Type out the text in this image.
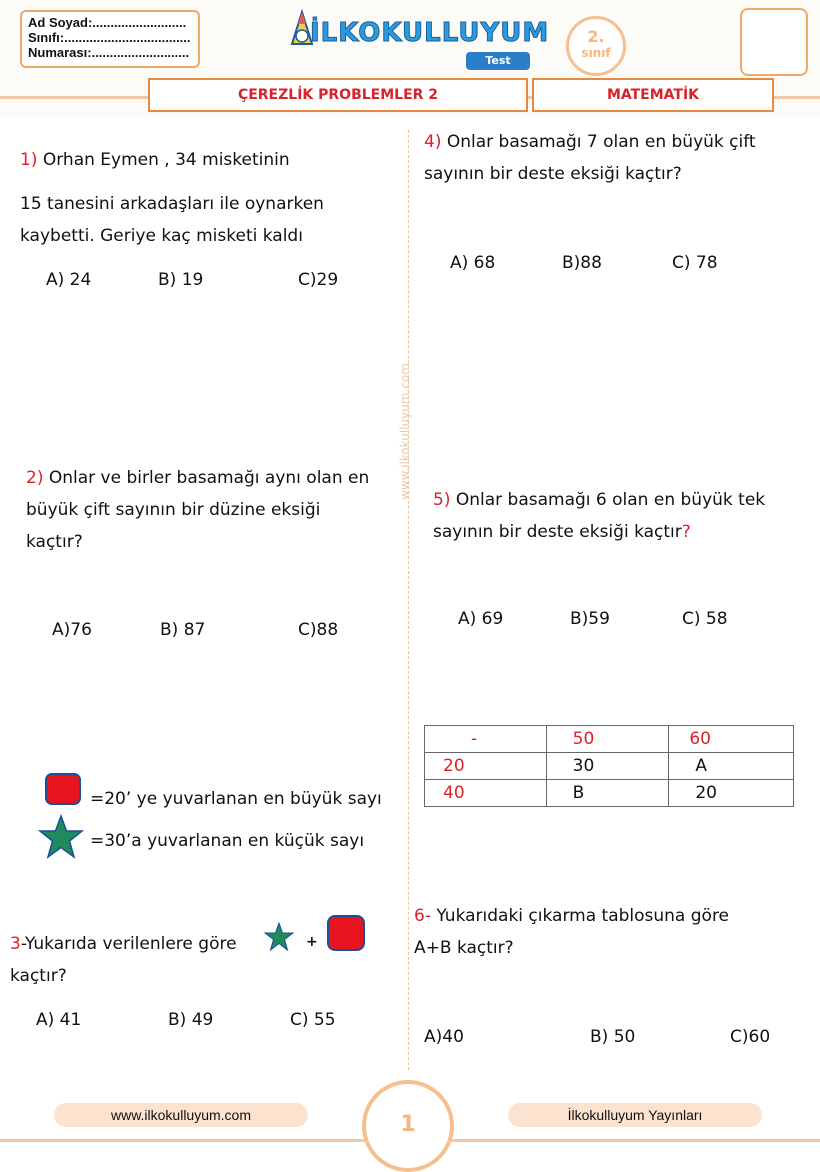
Ad Soyad:..........................
Sınıfı:...................................
Numarası:...........................
İLKOKULLUYUM
Test
2.
sınıf
ÇEREZLİK PROBLEMLER 2	MATEMATİK
www.ilkokulluyum.com
1) Orhan Eymen , 34 misketinin
15 tanesini arkadaşları ile oynarken
kaybetti. Geriye kaç misketi kaldı
A) 24	B) 19	C)29
2) Onlar ve birler basamağı aynı olan en
büyük çift sayının bir düzine eksiği
kaçtır?
A)76	B) 87	C)88
=20’ ye yuvarlanan en büyük sayı
=30’a yuvarlanan en küçük sayı
3-Yukarıda verilenlere göre	+
kaçtır?
A) 41	B) 49	C) 55
4) Onlar basamağı 7 olan en büyük çift
sayının bir deste eksiği kaçtır?
A) 68	B)88	C) 78
5) Onlar basamağı 6 olan en büyük tek
sayının bir deste eksiği kaçtır?
A) 69	B)59	C) 58
-	50	60
20	30	A
40	B	20
6- Yukarıdaki çıkarma tablosuna göre
A+B kaçtır?
A)40	B) 50	C)60
www.ilkokulluyum.com	İlkokulluyum Yayınları
1
